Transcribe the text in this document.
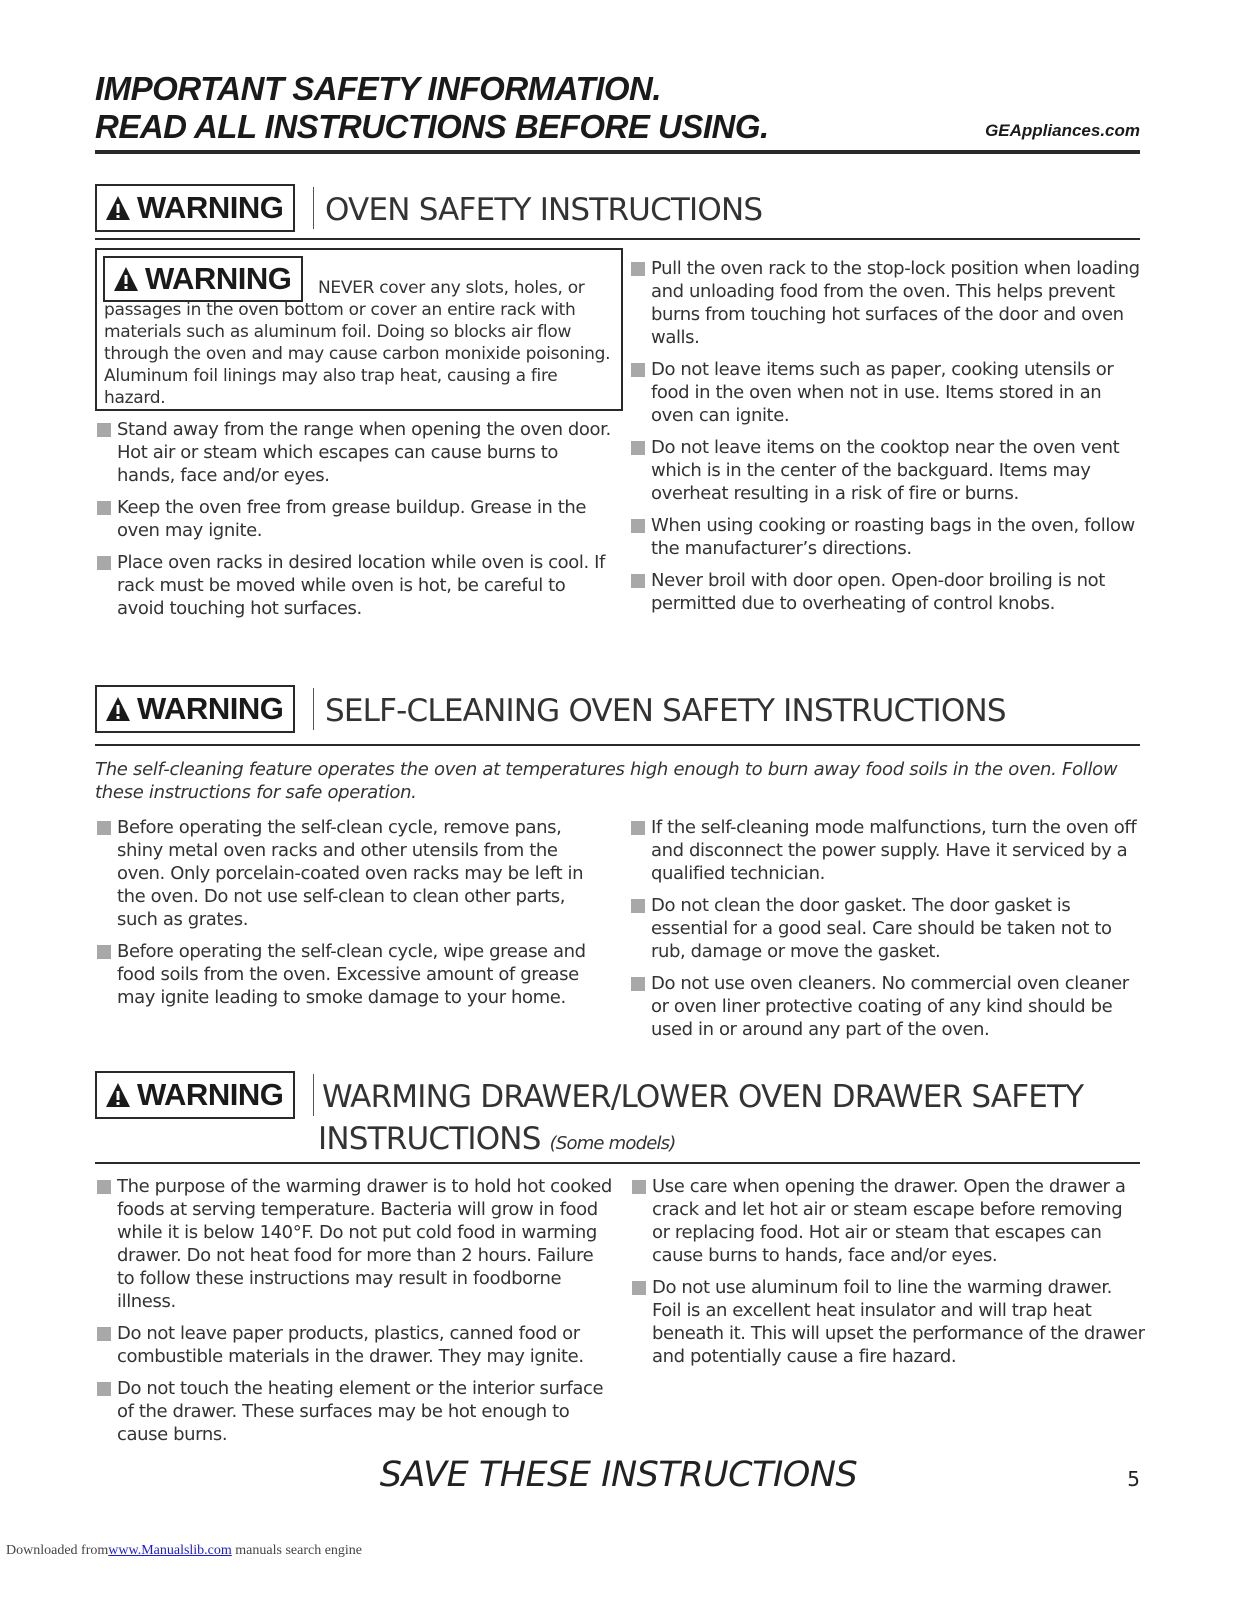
IMPORTANT SAFETY INFORMATION.
READ ALL INSTRUCTIONS BEFORE USING.	GEAppliances.com
WARNING OVEN SAFETY INSTRUCTIONS
WARNING	NEVER cover any slots, holes, or passages in the oven bottom or cover an entire rack with materials such as aluminum foil. Doing so blocks air flow through the oven and may cause carbon monixide poisoning. Aluminum foil linings may also trap heat, causing a fire hazard.
Stand away from the range when opening the oven door. Hot air or steam which escapes can cause burns to hands, face and/or eyes.
Keep the oven free from grease buildup. Grease in the oven may ignite.
Place oven racks in desired location while oven is cool. If rack must be moved while oven is hot, be careful to avoid touching hot surfaces.
Pull the oven rack to the stop-lock position when loading and unloading food from the oven. This helps prevent burns from touching hot surfaces of the door and oven walls.
Do not leave items such as paper, cooking utensils or food in the oven when not in use. Items stored in an oven can ignite.
Do not leave items on the cooktop near the oven vent which is in the center of the backguard. Items may overheat resulting in a risk of fire or burns.
When using cooking or roasting bags in the oven, follow the manufacturer’s directions.
Never broil with door open. Open-door broiling is not permitted due to overheating of control knobs.
WARNING SELF-CLEANING OVEN SAFETY INSTRUCTIONS
The self-cleaning feature operates the oven at temperatures high enough to burn away food soils in the oven. Follow these instructions for safe operation.
Before operating the self-clean cycle, remove pans, shiny metal oven racks and other utensils from the oven. Only porcelain-coated oven racks may be left in the oven. Do not use self-clean to clean other parts, such as grates.
Before operating the self-clean cycle, wipe grease and food soils from the oven. Excessive amount of grease may ignite leading to smoke damage to your home.
If the self-cleaning mode malfunctions, turn the oven off and disconnect the power supply. Have it serviced by a qualified technician.
Do not clean the door gasket. The door gasket is essential for a good seal. Care should be taken not to rub, damage or move the gasket.
Do not use oven cleaners. No commercial oven cleaner or oven liner protective coating of any kind should be used in or around any part of the oven.
WARNING WARMING DRAWER/LOWER OVEN DRAWER SAFETY
INSTRUCTIONS (Some models)
The purpose of the warming drawer is to hold hot cooked foods at serving temperature. Bacteria will grow in food while it is below 140°F. Do not put cold food in warming drawer. Do not heat food for more than 2 hours. Failure to follow these instructions may result in foodborne illness.
Do not leave paper products, plastics, canned food or combustible materials in the drawer. They may ignite.
Do not touch the heating element or the interior surface of the drawer. These surfaces may be hot enough to cause burns.
Use care when opening the drawer. Open the drawer a crack and let hot air or steam escape before removing or replacing food. Hot air or steam that escapes can cause burns to hands, face and/or eyes.
Do not use aluminum foil to line the warming drawer. Foil is an excellent heat insulator and will trap heat beneath it. This will upset the performance of the drawer and potentially cause a fire hazard.
SAVE THESE INSTRUCTIONS	5
Downloaded fromwww.Manualslib.com manuals search engine
